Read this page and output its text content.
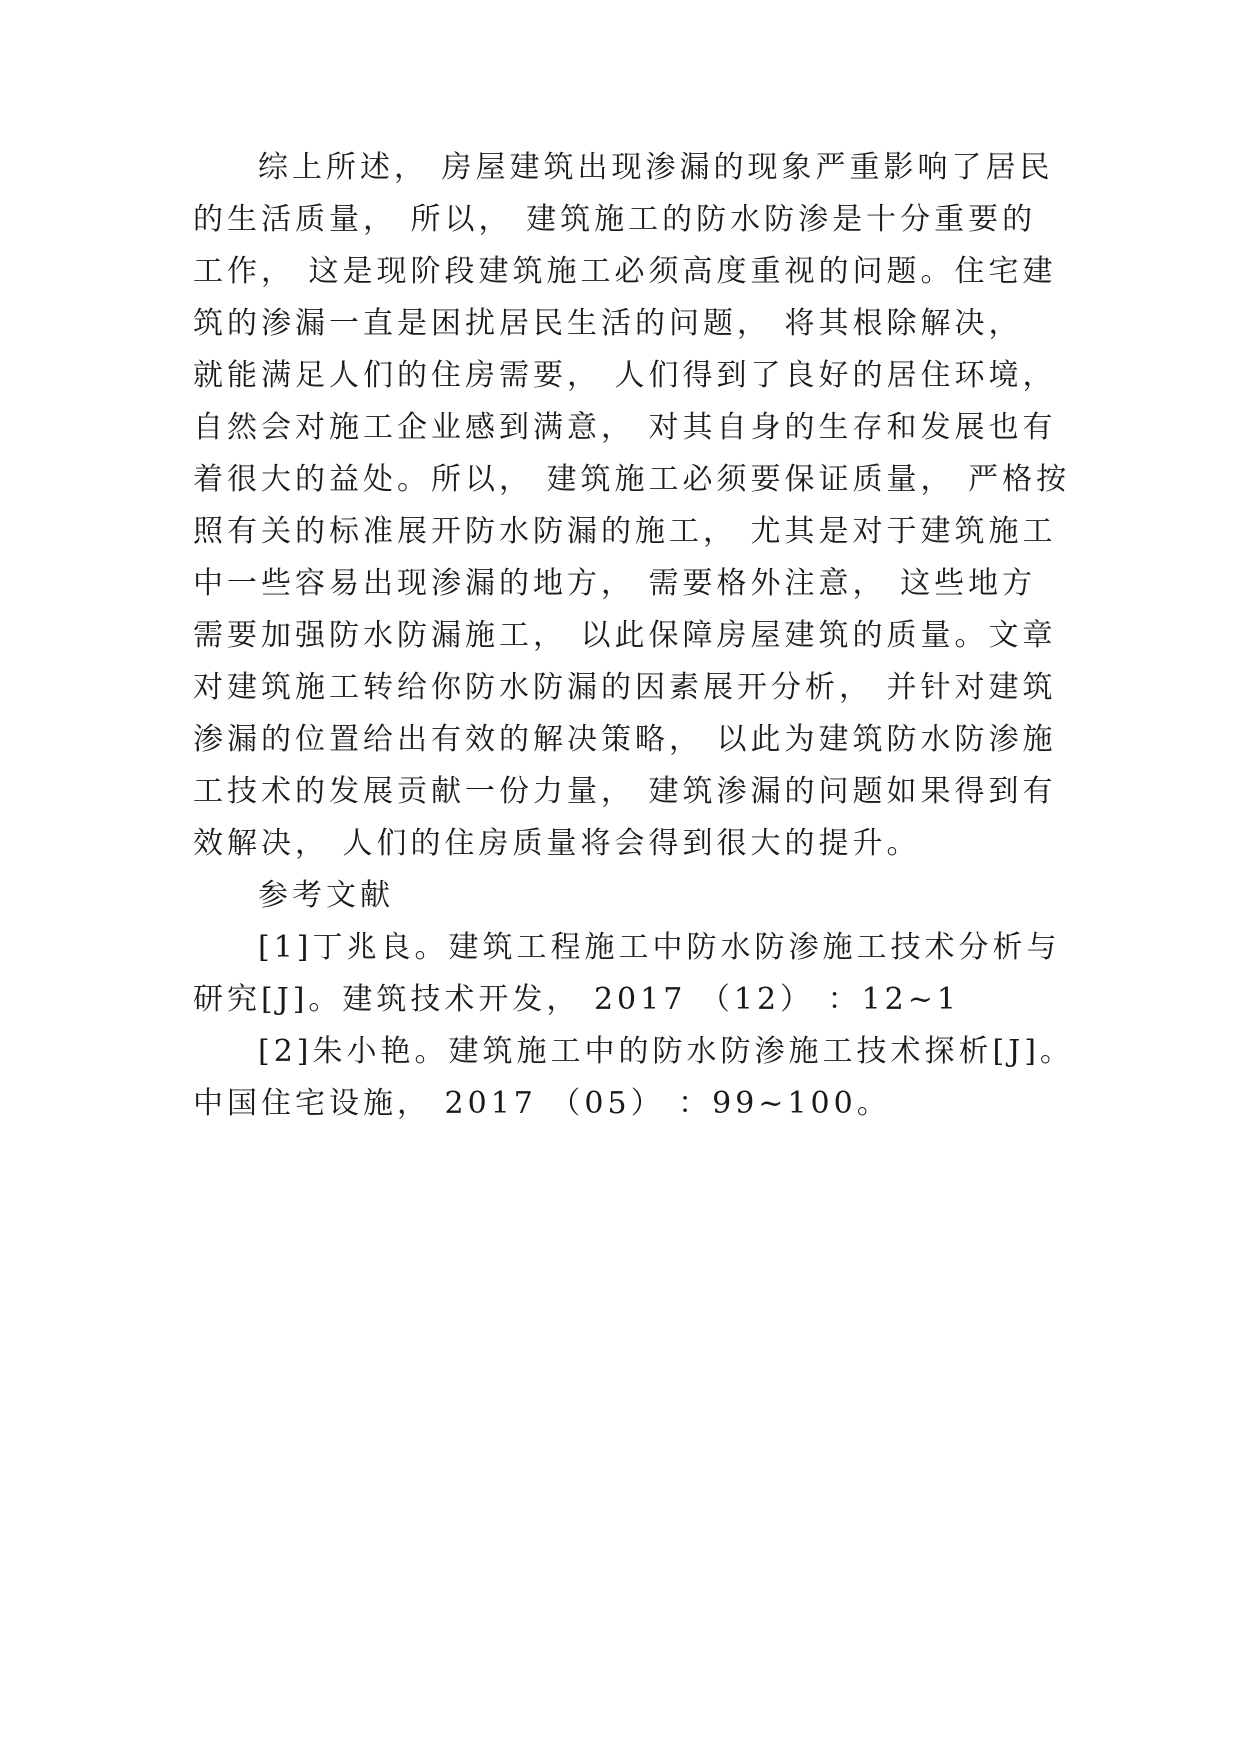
综上所述， 房屋建筑出现渗漏的现象严重影响了居民
的生活质量， 所以， 建筑施工的防水防渗是十分重要的
工作， 这是现阶段建筑施工必须高度重视的问题。住宅建
筑的渗漏一直是困扰居民生活的问题， 将其根除解决，
就能满足人们的住房需要， 人们得到了良好的居住环境，
自然会对施工企业感到满意， 对其自身的生存和发展也有
着很大的益处。所以， 建筑施工必须要保证质量， 严格按
照有关的标准展开防水防漏的施工， 尤其是对于建筑施工
中一些容易出现渗漏的地方， 需要格外注意， 这些地方
需要加强防水防漏施工， 以此保障房屋建筑的质量。文章
对建筑施工转给你防水防漏的因素展开分析， 并针对建筑
渗漏的位置给出有效的解决策略， 以此为建筑防水防渗施
工技术的发展贡献一份力量， 建筑渗漏的问题如果得到有
效解决， 人们的住房质量将会得到很大的提升。
参考文献
[1]丁兆良。建筑工程施工中防水防渗施工技术分析与
研究[J]。建筑技术开发， 2017 （12） ：12~1
[2]朱小艳。建筑施工中的防水防渗施工技术探析[J]。
中国住宅设施， 2017 （05） ：99~100。
